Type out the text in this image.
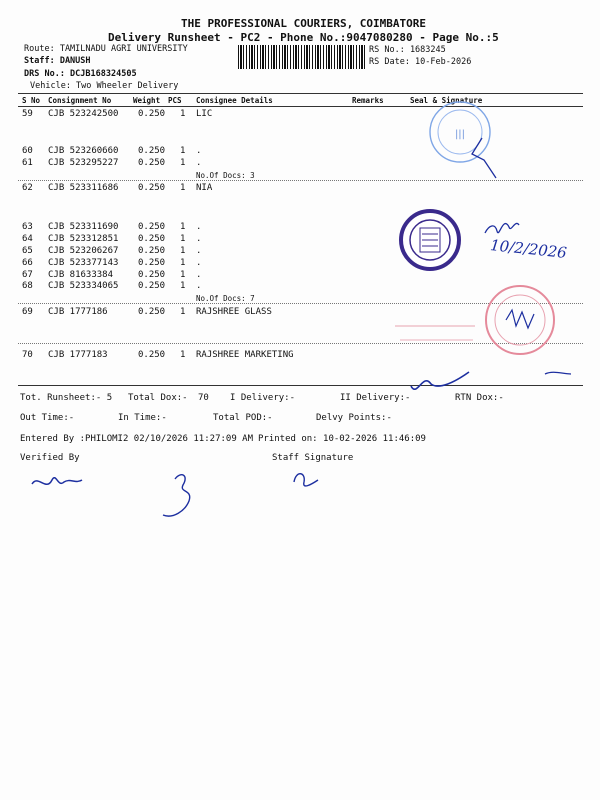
THE PROFESSIONAL COURIERS, COIMBATORE
Delivery Runsheet - PC2 - Phone No.:9047080280 - Page No.:5
Route: TAMILNADU AGRI UNIVERSITY
Staff: DANUSH
DRS No.: DCJB168324505
Vehicle: Two Wheeler Delivery
RS No.: 1683245
RS Date: 10-Feb-2026
S No Consignment No	Weight PCS Consignee Details	Remarks	Seal & Signature
59 CJB 523242500 0.250 1 LIC
60 CJB 523260660 0.250 1 .
61 CJB 523295227 0.250 1 .
No.Of Docs: 3
62 CJB 523311686 0.250 1 NIA
63 CJB 523311690 0.250 1 .
64 CJB 523312851 0.250 1 .
65 CJB 523206267 0.250 1 .
66 CJB 523377143 0.250 1 .
67 CJB 81633384	0.250 1 .
68 CJB 523334065 0.250 1 .
No.Of Docs: 7
69 CJB 1777186	0.250 1 RAJSHREE GLASS
70 CJB 1777183	0.250 1 RAJSHREE MARKETING
Tot. Runsheet:- 5 Total Dox:- 70 I Delivery:-	II Delivery:-	RTN Dox:-
Out Time:-	In Time:-	Total POD:-	Delvy Points:-
Entered By :PHILOMI2 02/10/2026 11:27:09 AM Printed on: 10-02-2026 11:46:09
Verified By	Staff Signature
|||
10/2/2026
